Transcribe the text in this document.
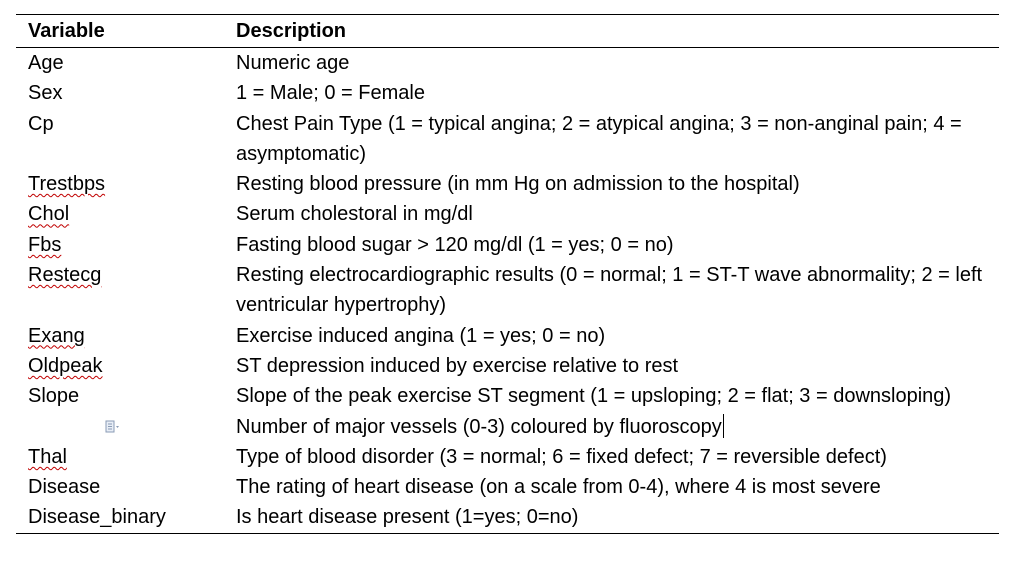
Variable	Description
Age	Numeric age
Sex	1 = Male; 0 = Female
Cp	Chest Pain Type (1 = typical angina; 2 = atypical angina; 3 = non-anginal pain; 4 = asymptomatic)
Trestbps	Resting blood pressure (in mm Hg on admission to the hospital)
Chol	Serum cholestoral in mg/dl
Fbs	Fasting blood sugar > 120 mg/dl (1 = yes; 0 = no)
Restecg	Resting electrocardiographic results (0 = normal; 1 = ST-T wave abnormality; 2 = left ventricular hypertrophy)
Exang	Exercise induced angina (1 = yes; 0 = no)
Oldpeak	ST depression induced by exercise relative to rest
Slope	Slope of the peak exercise ST segment (1 = upsloping; 2 = flat; 3 = downsloping)

	Number of major vessels (0-3) coloured by fluoroscopy
Thal	Type of blood disorder (3 = normal; 6 = fixed defect; 7 = reversible defect)
Disease	The rating of heart disease (on a scale from 0-4), where 4 is most severe
Disease_binary	Is heart disease present (1=yes; 0=no)
